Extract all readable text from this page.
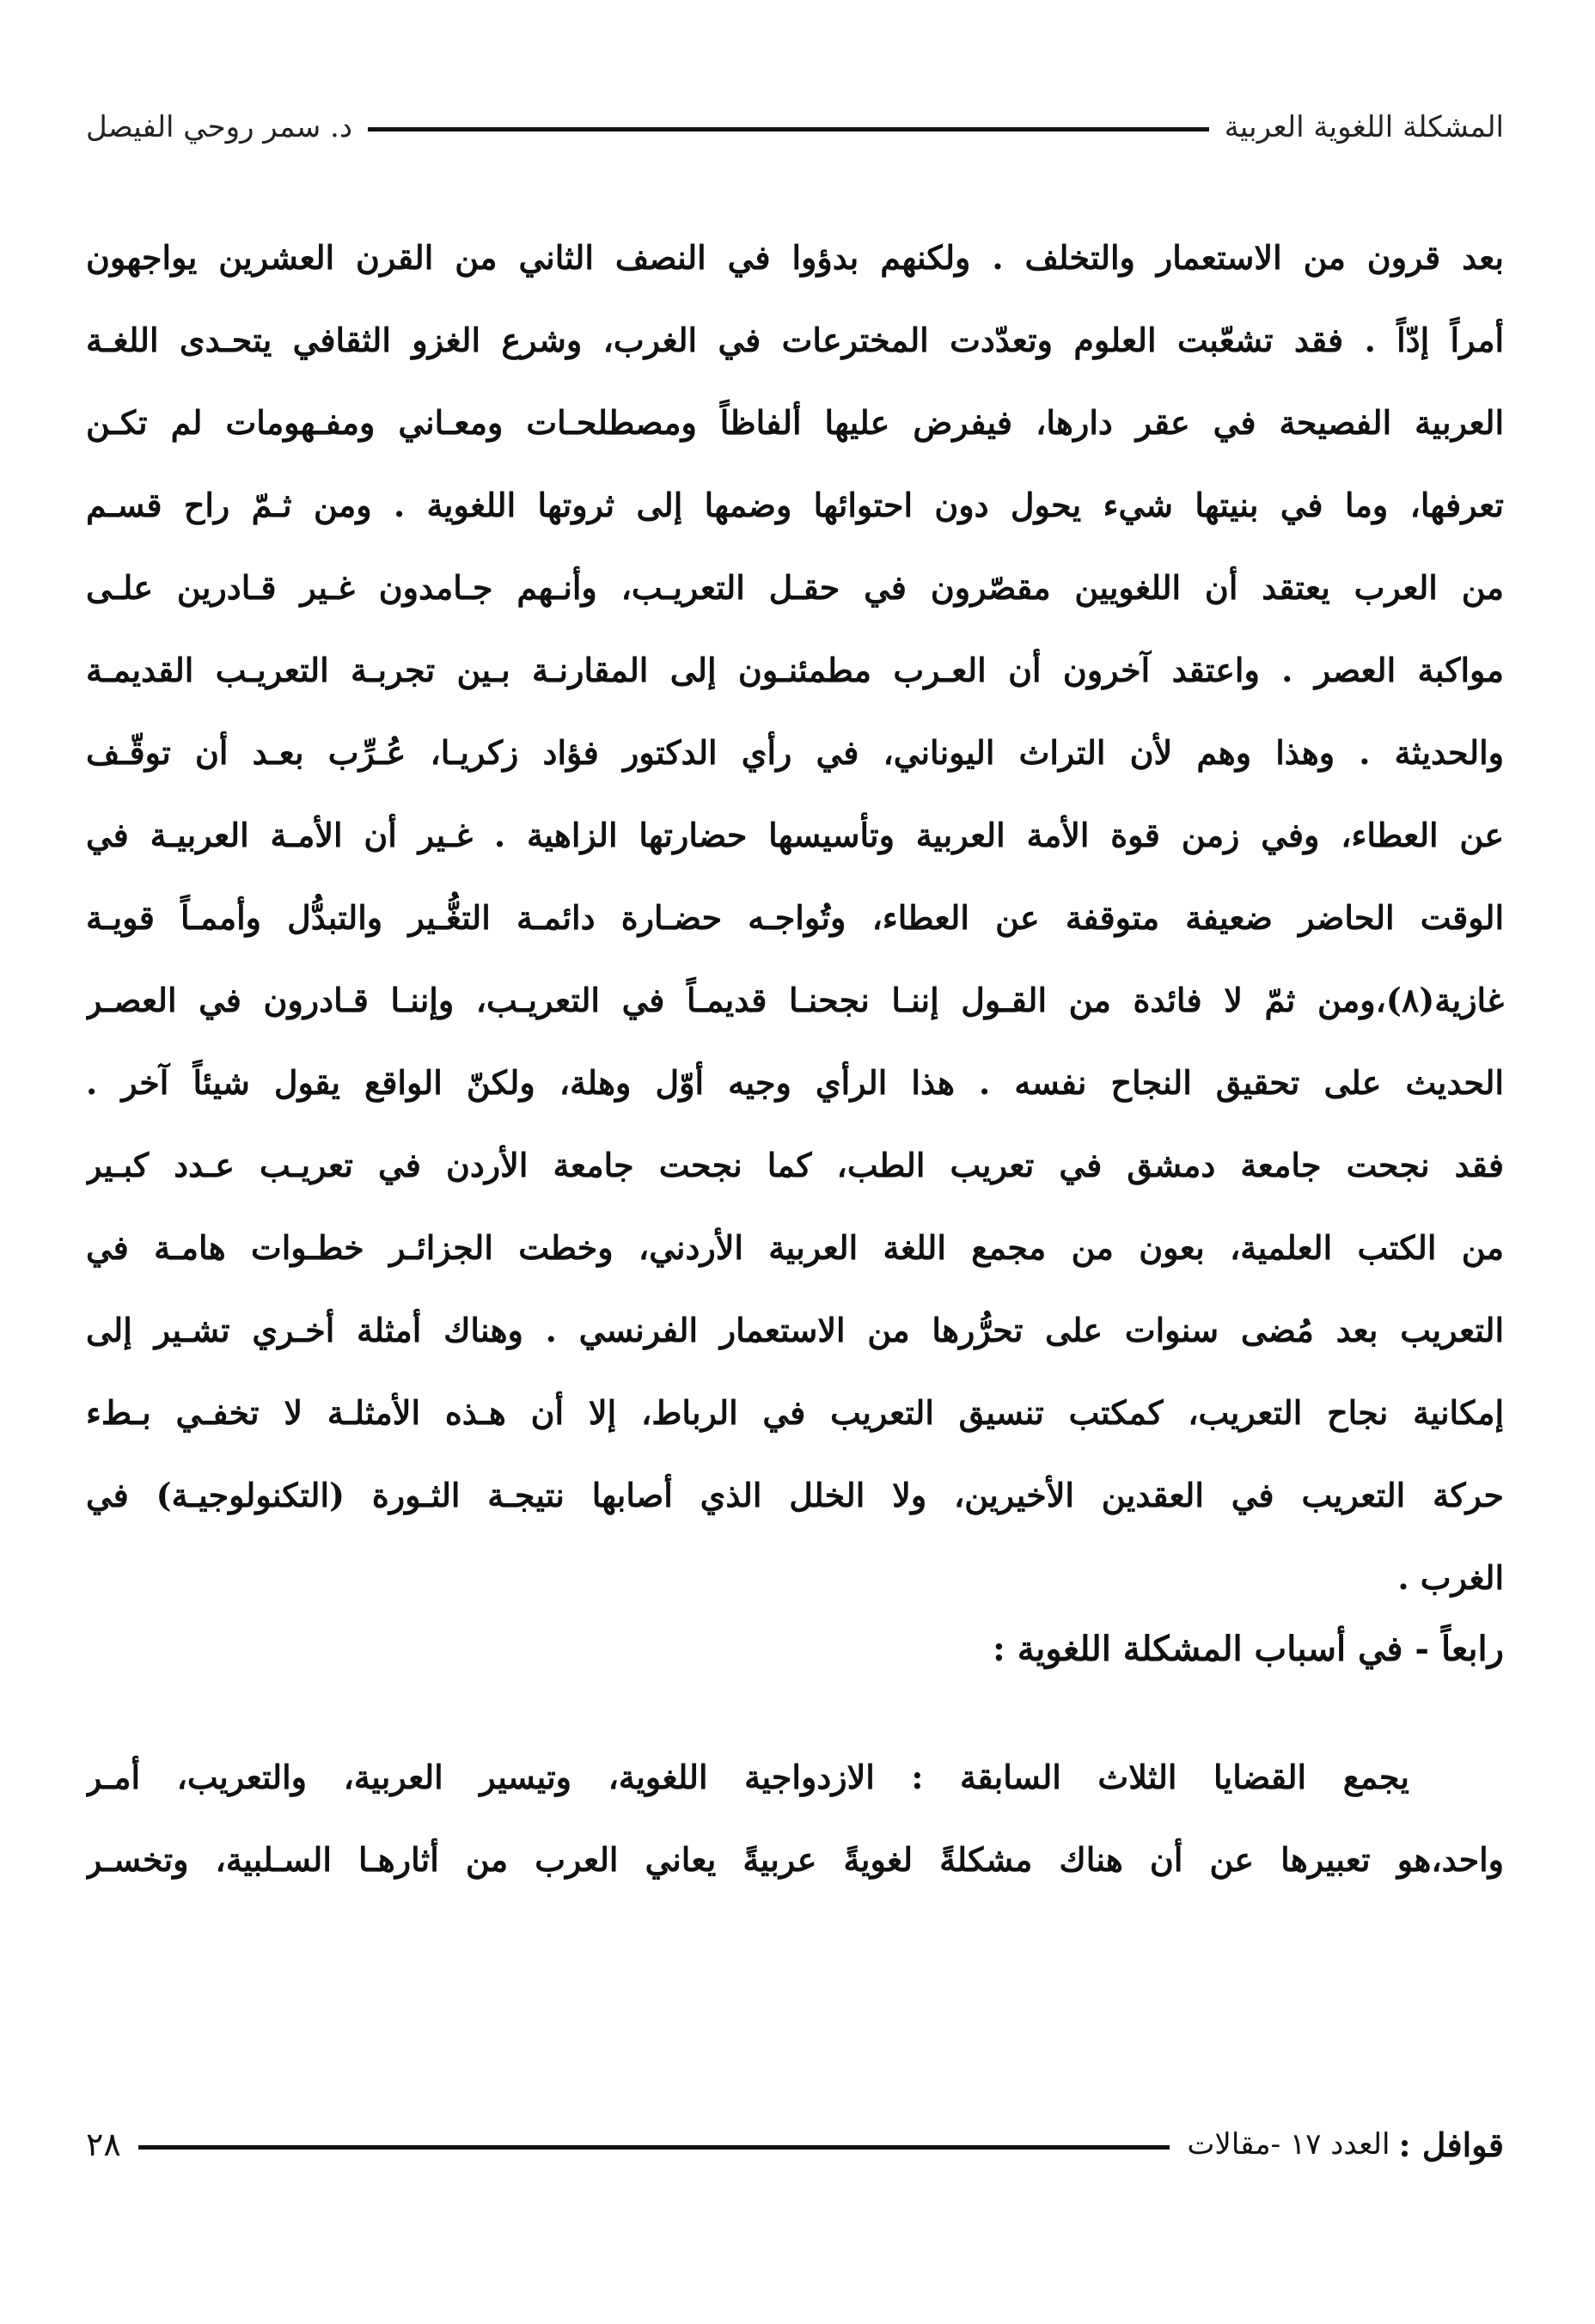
المشكلة اللغوية العربية
د. سمر روحي الفيصل
بعد قرون من الاستعمار والتخلف . ولكنهم بدؤوا في النصف الثاني من القرن العشرين يواجهون
أمراً إدّاً . فقد تشعّبت العلوم وتعدّدت المخترعات في الغرب، وشرع الغزو الثقافي يتحـدى اللغـة
العربية الفصيحة في عقر دارها، فيفرض عليها ألفاظاً ومصطلحـات ومعـاني ومفـهومات لم تكـن
تعرفها، وما في بنيتها شيء يحول دون احتوائها وضمها إلى ثروتها اللغوية . ومن ثـمّ راح قسـم
من العرب يعتقد أن اللغويين مقصّرون في حقـل التعريـب، وأنـهم جـامدون غـير قـادرين علـى
مواكبة العصر . واعتقد آخرون أن العـرب مطمئنـون إلى المقارنـة بـين تجربـة التعريـب القديمـة
والحديثة . وهذا وهم لأن التراث اليوناني، في رأي الدكتور فؤاد زكريـا، عُـرِّب بعـد أن توقّـف
عن العطاء، وفي زمن قوة الأمة العربية وتأسيسها حضارتها الزاهية . غـير أن الأمـة العربيـة في
الوقت الحاضر ضعيفة متوقفة عن العطاء، وتُواجـه حضـارة دائمـة التغُّـير والتبدُّل وأممـاً قويـة
غازية(٨)،ومن ثمّ لا فائدة من القـول إننـا نجحنـا قديمـاً في التعريـب، وإننـا قـادرون في العصـر
الحديث على تحقيق النجاح نفسه . هذا الرأي وجيه أوّل وهلة، ولكنّ الواقع يقول شيئاً آخر .
فقد نجحت جامعة دمشق في تعريب الطب، كما نجحت جامعة الأردن في تعريـب عـدد كبـير
من الكتب العلمية، بعون من مجمع اللغة العربية الأردني، وخطت الجزائـر خطـوات هامـة في
التعريب بعد مُضى سنوات على تحرُّرها من الاستعمار الفرنسي . وهناك أمثلة أخـري تشـير إلى
إمكانية نجاح التعريب، كمكتب تنسيق التعريب في الرباط، إلا أن هـذه الأمثلـة لا تخفـي بـطء
حركة التعريب في العقدين الأخيرين، ولا الخلل الذي أصابها نتيجـة الثـورة (التكنولوجيـة) في
الغرب .
رابعاً - في أسباب المشكلة اللغوية :
يجمع القضايا الثلاث السابقة : الازدواجية اللغوية، وتيسير العربية، والتعريب، أمـر
واحد،هو تعبيرها عن أن هناك مشكلةً لغويةً عربيةً يعاني العرب من أثارهـا السـلبية، وتخسـر
قوافل :
العدد ١٧ -مقالات
٢٨
